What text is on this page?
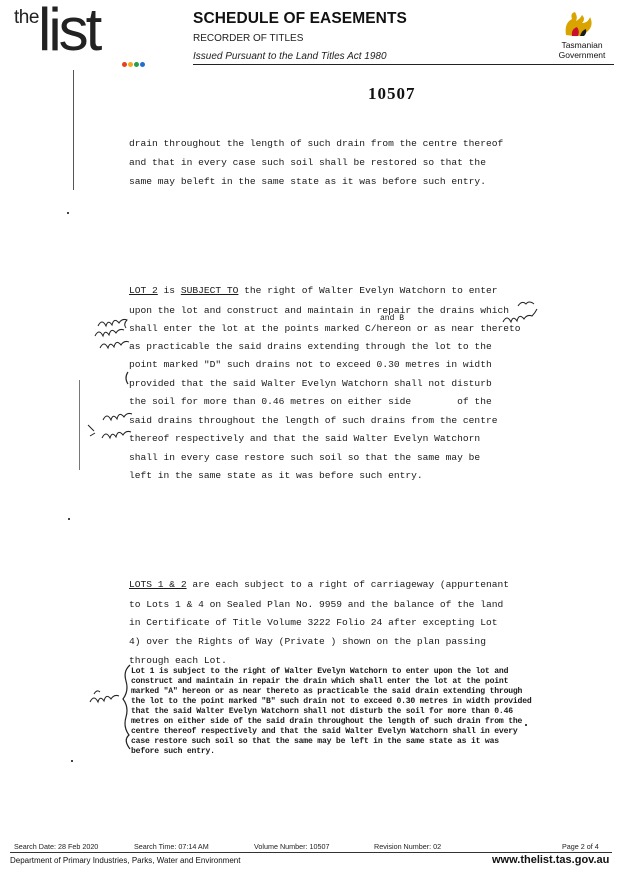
the list	SCHEDULE OF EASEMENTS
RECORDER OF TITLES
Issued Pursuant to the Land Titles Act 1980
Tasmanian
Government
10507
drain throughout the length of such drain from the centre thereof
and that in every case such soil shall be restored so that the
same may beleft in the same state as it was before such entry.
LOT 2 is SUBJECT TO the right of Walter Evelyn Watchorn to enter
and B
upon the lot and construct and maintain in repair the drains which
shall enter the lot at the points marked C/hereon or as near thereto
as practicable the said drains extending through the lot to the
point marked "D" such drains not to exceed 0.30 metres in width
provided that the said Walter Evelyn Watchorn shall not disturb
the soil for more than 0.46 metres on either side        of the
said drains throughout the length of such drains from the centre
thereof respectively and that the said Walter Evelyn Watchorn
shall in every case restore such soil so that the same may be
left in the same state as it was before such entry.
LOTS 1 & 2 are each subject to a right of carriageway (appurtenant
to Lots 1 & 4 on Sealed Plan No. 9959 and the balance of the land
in Certificate of Title Volume 3222 Folio 24 after excepting Lot
4) over the Rights of Way (Private ) shown on the plan passing
through each Lot.
Lot 1 is subject to the right of Walter Evelyn Watchorn to enter upon the lot and
construct and maintain in repair the drain which shall enter the lot at the point
marked "A" hereon or as near thereto as practicable the said drain extending through
the lot to the point marked "B" such drain not to exceed 0.30 metres in width provided
that the said Walter Evelyn Watchorn shall not disturb the soil for more than 0.46
metres on either side of the said drain throughout the length of such drain from the
centre thereof respectively and that the said Walter Evelyn Watchorn shall in every
case restore such soil so that the same may be left in the same state as it was
before such entry.
Search Date: 28 Feb 2020	Search Time: 07:14 AM	Volume Number: 10507	Revision Number: 02	Page 2 of 4
Department of Primary Industries, Parks, Water and Environment	www.thelist.tas.gov.au
